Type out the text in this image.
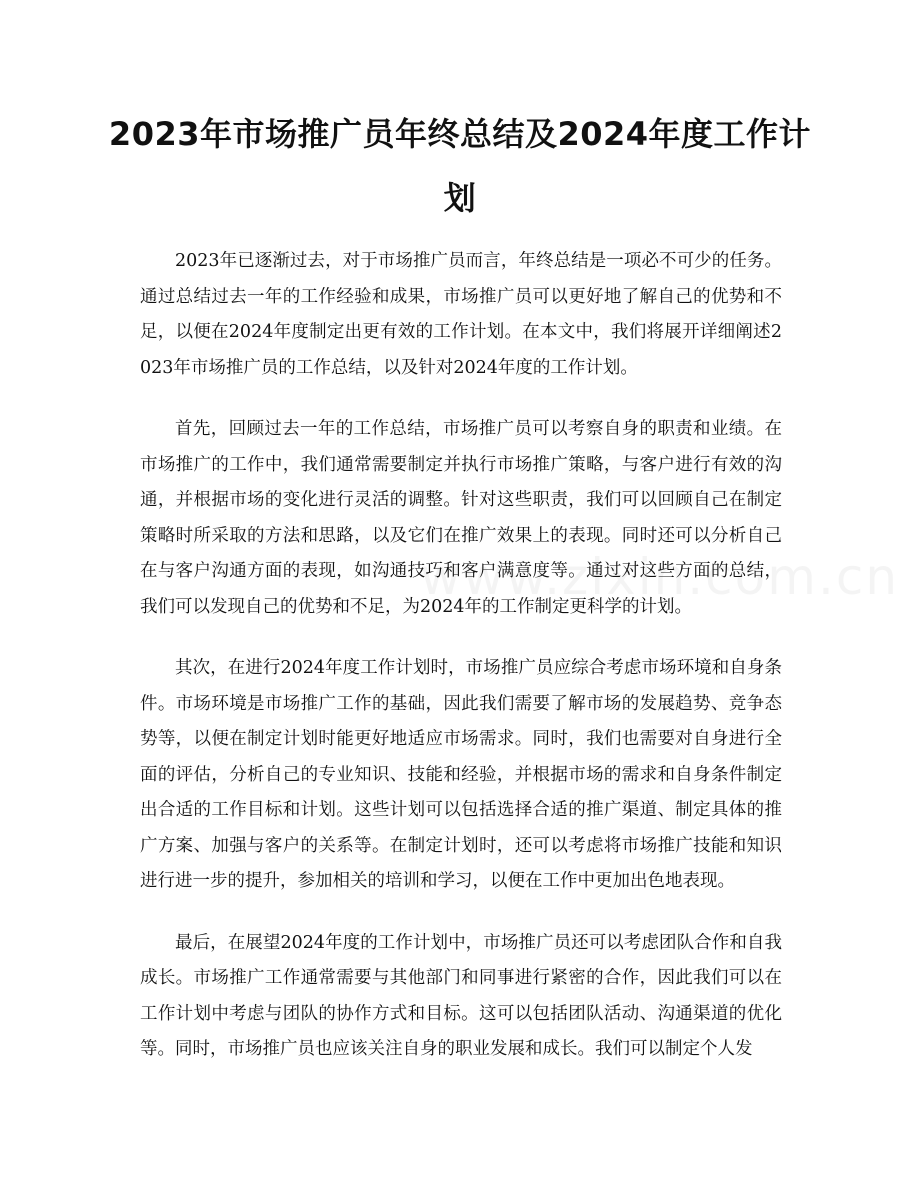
2023年市场推广员年终总结及2024年度工作计划

2023年已逐渐过去，对于市场推广员而言，年终总结是一项必不可少的任务。通过总结过去一年的工作经验和成果，市场推广员可以更好地了解自己的优势和不足，以便在2024年度制定出更有效的工作计划。在本文中，我们将展开详细阐述2023年市场推广员的工作总结，以及针对2024年度的工作计划。

首先，回顾过去一年的工作总结，市场推广员可以考察自身的职责和业绩。在市场推广的工作中，我们通常需要制定并执行市场推广策略，与客户进行有效的沟通，并根据市场的变化进行灵活的调整。针对这些职责，我们可以回顾自己在制定策略时所采取的方法和思路，以及它们在推广效果上的表现。同时还可以分析自己在与客户沟通方面的表现，如沟通技巧和客户满意度等。通过对这些方面的总结，我们可以发现自己的优势和不足，为2024年的工作制定更科学的计划。

其次，在进行2024年度工作计划时，市场推广员应综合考虑市场环境和自身条件。市场环境是市场推广工作的基础，因此我们需要了解市场的发展趋势、竞争态势等，以便在制定计划时能更好地适应市场需求。同时，我们也需要对自身进行全面的评估，分析自己的专业知识、技能和经验，并根据市场的需求和自身条件制定出合适的工作目标和计划。这些计划可以包括选择合适的推广渠道、制定具体的推广方案、加强与客户的关系等。在制定计划时，还可以考虑将市场推广技能和知识进行进一步的提升，参加相关的培训和学习，以便在工作中更加出色地表现。

最后，在展望2024年度的工作计划中，市场推广员还可以考虑团队合作和自我成长。市场推广工作通常需要与其他部门和同事进行紧密的合作，因此我们可以在工作计划中考虑与团队的协作方式和目标。这可以包括团队活动、沟通渠道的优化等。同时，市场推广员也应该关注自身的职业发展和成长。我们可以制定个人发
